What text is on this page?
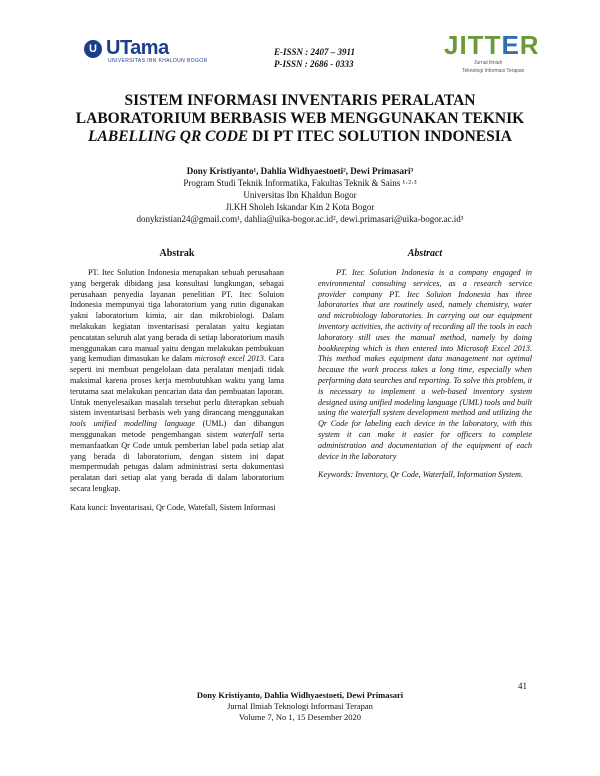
U UTama
UNIVERSITAS IBN KHALDUN BOGOR
E-ISSN : 2407 – 3911
P-ISSN : 2686 - 0333
JITTER
Jurnal Ilmiah
Teknologi Informasi Terapan
SISTEM INFORMASI INVENTARIS PERALATAN
LABORATORIUM BERBASIS WEB MENGGUNAKAN TEKNIK
LABELLING QR CODE DI PT ITEC SOLUTION INDONESIA
Dony Kristiyanto¹, Dahlia Widhyaestoeti², Dewi Primasari³
Program Studi Teknik Informatika, Fakultas Teknik & Sains ¹·²·³
Universitas Ibn Khaldun Bogor
Jl.KH Sholeh Iskandar Km 2 Kota Bogor
donykristian24@gmail.com¹, dahlia@uika-bogor.ac.id², dewi.primasari@uika-bogor.ac.id³
Abstrak

PT. Itec Solution Indonesia merupakan sebuah perusahaan yang bergerak dibidang jasa konsultasi lungkungan, sebagai perusahaan penyedia layanan penelitian PT. Itec Soluion Indonesia mempunyai tiga laboratorium yang rutin digunakan yakni laboratorium kimia, air dan mikrobiologi. Dalam melakukan kegiatan inventarisasi peralatan yaitu kegiatan pencatatan seluruh alat yang berada di setiap laboratorium masih menggunakan cara manual yaitu dengan melakukan pembukuan yang kemudian dimasukan ke dalam microsoft excel 2013. Cara seperti ini membuat pengelolaan data peralatan menjadi tidak maksimal karena proses kerja membutuhkan waktu yang lama terutama saat melakukan pencarian data dan pembuatan laporan. Untuk menyelesaikan masalah tersebut perlu diterapkan sebuah sistem inventarisasi berbasis web yang dirancang menggunakan tools unified modelling language (UML) dan dibangun menggunakan metode pengembangan sistem waterfall serta memanfaatkan Qr Code untuk pemberian label pada setiap alat yang berada di laboratorium, dengan sistem ini dapat mempermudah petugas dalam administrasi serta dokumentasi peralatan dari setiap alat yang berada di dalam laboratorium secara lengkap.

Kata kunci: Inventarisasi, Qr Code, Watefall, Sistem Informasi

Abstract

PT. Itec Solution Indonesia is a company engaged in environmental consulting services, as a research service provider company PT. Itec Soluion Indonesia has three laboratories that are routinely used, namely chemistry, water and microbiology laboratories. In carrying out our equipment inventory activities, the activity of recording all the tools in each laboratory still uses the manual method, namely by doing bookkeeping which is then entered into Microsoft Excel 2013. This method makes equipment data management not optimal because the work process takes a long time, especially when performing data searches and reporting. To solve this problem, it is necessary to implement a web-based inventory system designed using unified modeling language (UML) tools and built using the waterfall system development method and utilizing the Qr Code for labeling each device in the laboratory, with this system it can make it easier for officers to complete administration and documentation of the equipment of each device in the laboratory

Keywords: Inventory, Qr Code, Waterfall, Information System.

41
Dony Kristiyanto, Dahlia Widhyaestoeti, Dewi Primasari
Jurnal Ilmiah Teknologi Informasi Terapan
Volume 7, No 1, 15 Desember 2020
